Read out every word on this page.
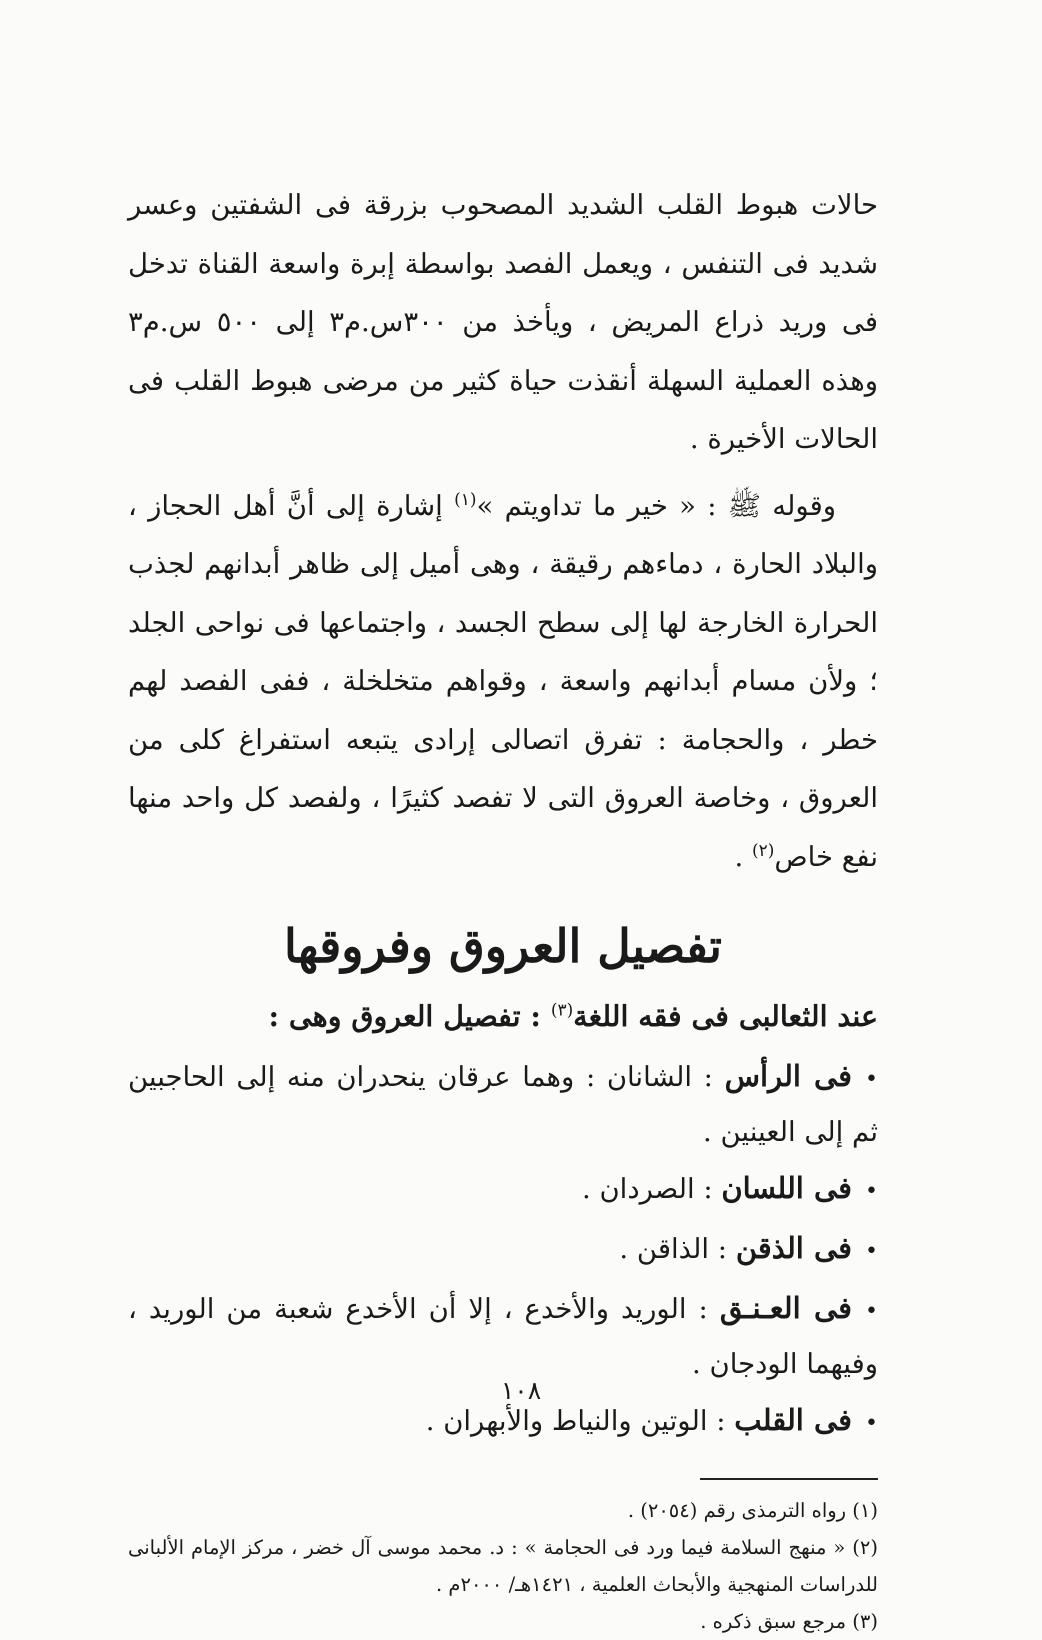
حالات هبوط القلب الشديد المصحوب بزرقة فى الشفتين وعسر شديد فى التنفس ، ويعمل الفصد بواسطة إبرة واسعة القناة تدخل فى وريد ذراع المريض ، ويأخذ من ٣٠٠س.م٣ إلى ٥٠٠ س.م٣ وهذه العملية السهلة أنقذت حياة كثير من مرضى هبوط القلب فى الحالات الأخيرة .

وقوله ﷺ : « خير ما تداويتم »$^{(١)}$ إشارة إلى أنَّ أهل الحجاز ، والبلاد الحارة ، دماءهم رقيقة ، وهى أميل إلى ظاهر أبدانهم لجذب الحرارة الخارجة لها إلى سطح الجسد ، واجتماعها فى نواحى الجلد ؛ ولأن مسام أبدانهم واسعة ، وقواهم متخلخلة ، ففى الفصد لهم خطر ، والحجامة : تفرق اتصالى إرادى يتبعه استفراغ كلى من العروق ، وخاصة العروق التى لا تفصد كثيرًا ، ولفصد كل واحد منها نفع خاص$^{(٢)}$ .

تفصيل العروق وفروقها

عند الثعالبى فى فقه اللغة$^{(٣)}$ : تفصيل العروق وهى :

•فى الرأس : الشانان : وهما عرقان ينحدران منه إلى الحاجبين ثم إلى العينين .
•فى اللسان : الصردان .
•فى الذقن : الذاقن .
•فى العـنـق : الوريد والأخدع ، إلا أن الأخدع شعبة من الوريد ، وفيهما الودجان .
•فى القلب : الوتين والنياط والأبهران .

(١) رواه الترمذى رقم (٢٠٥٤) .

(٢) « منهج السلامة فيما ورد فى الحجامة » : د. محمد موسى آل خضر ، مركز الإمام الألبانى للدراسات المنهجية والأبحاث العلمية ، ١٤٢١هـ/ ٢٠٠٠م .

(٣) مرجع سبق ذكره .

١٠٨
